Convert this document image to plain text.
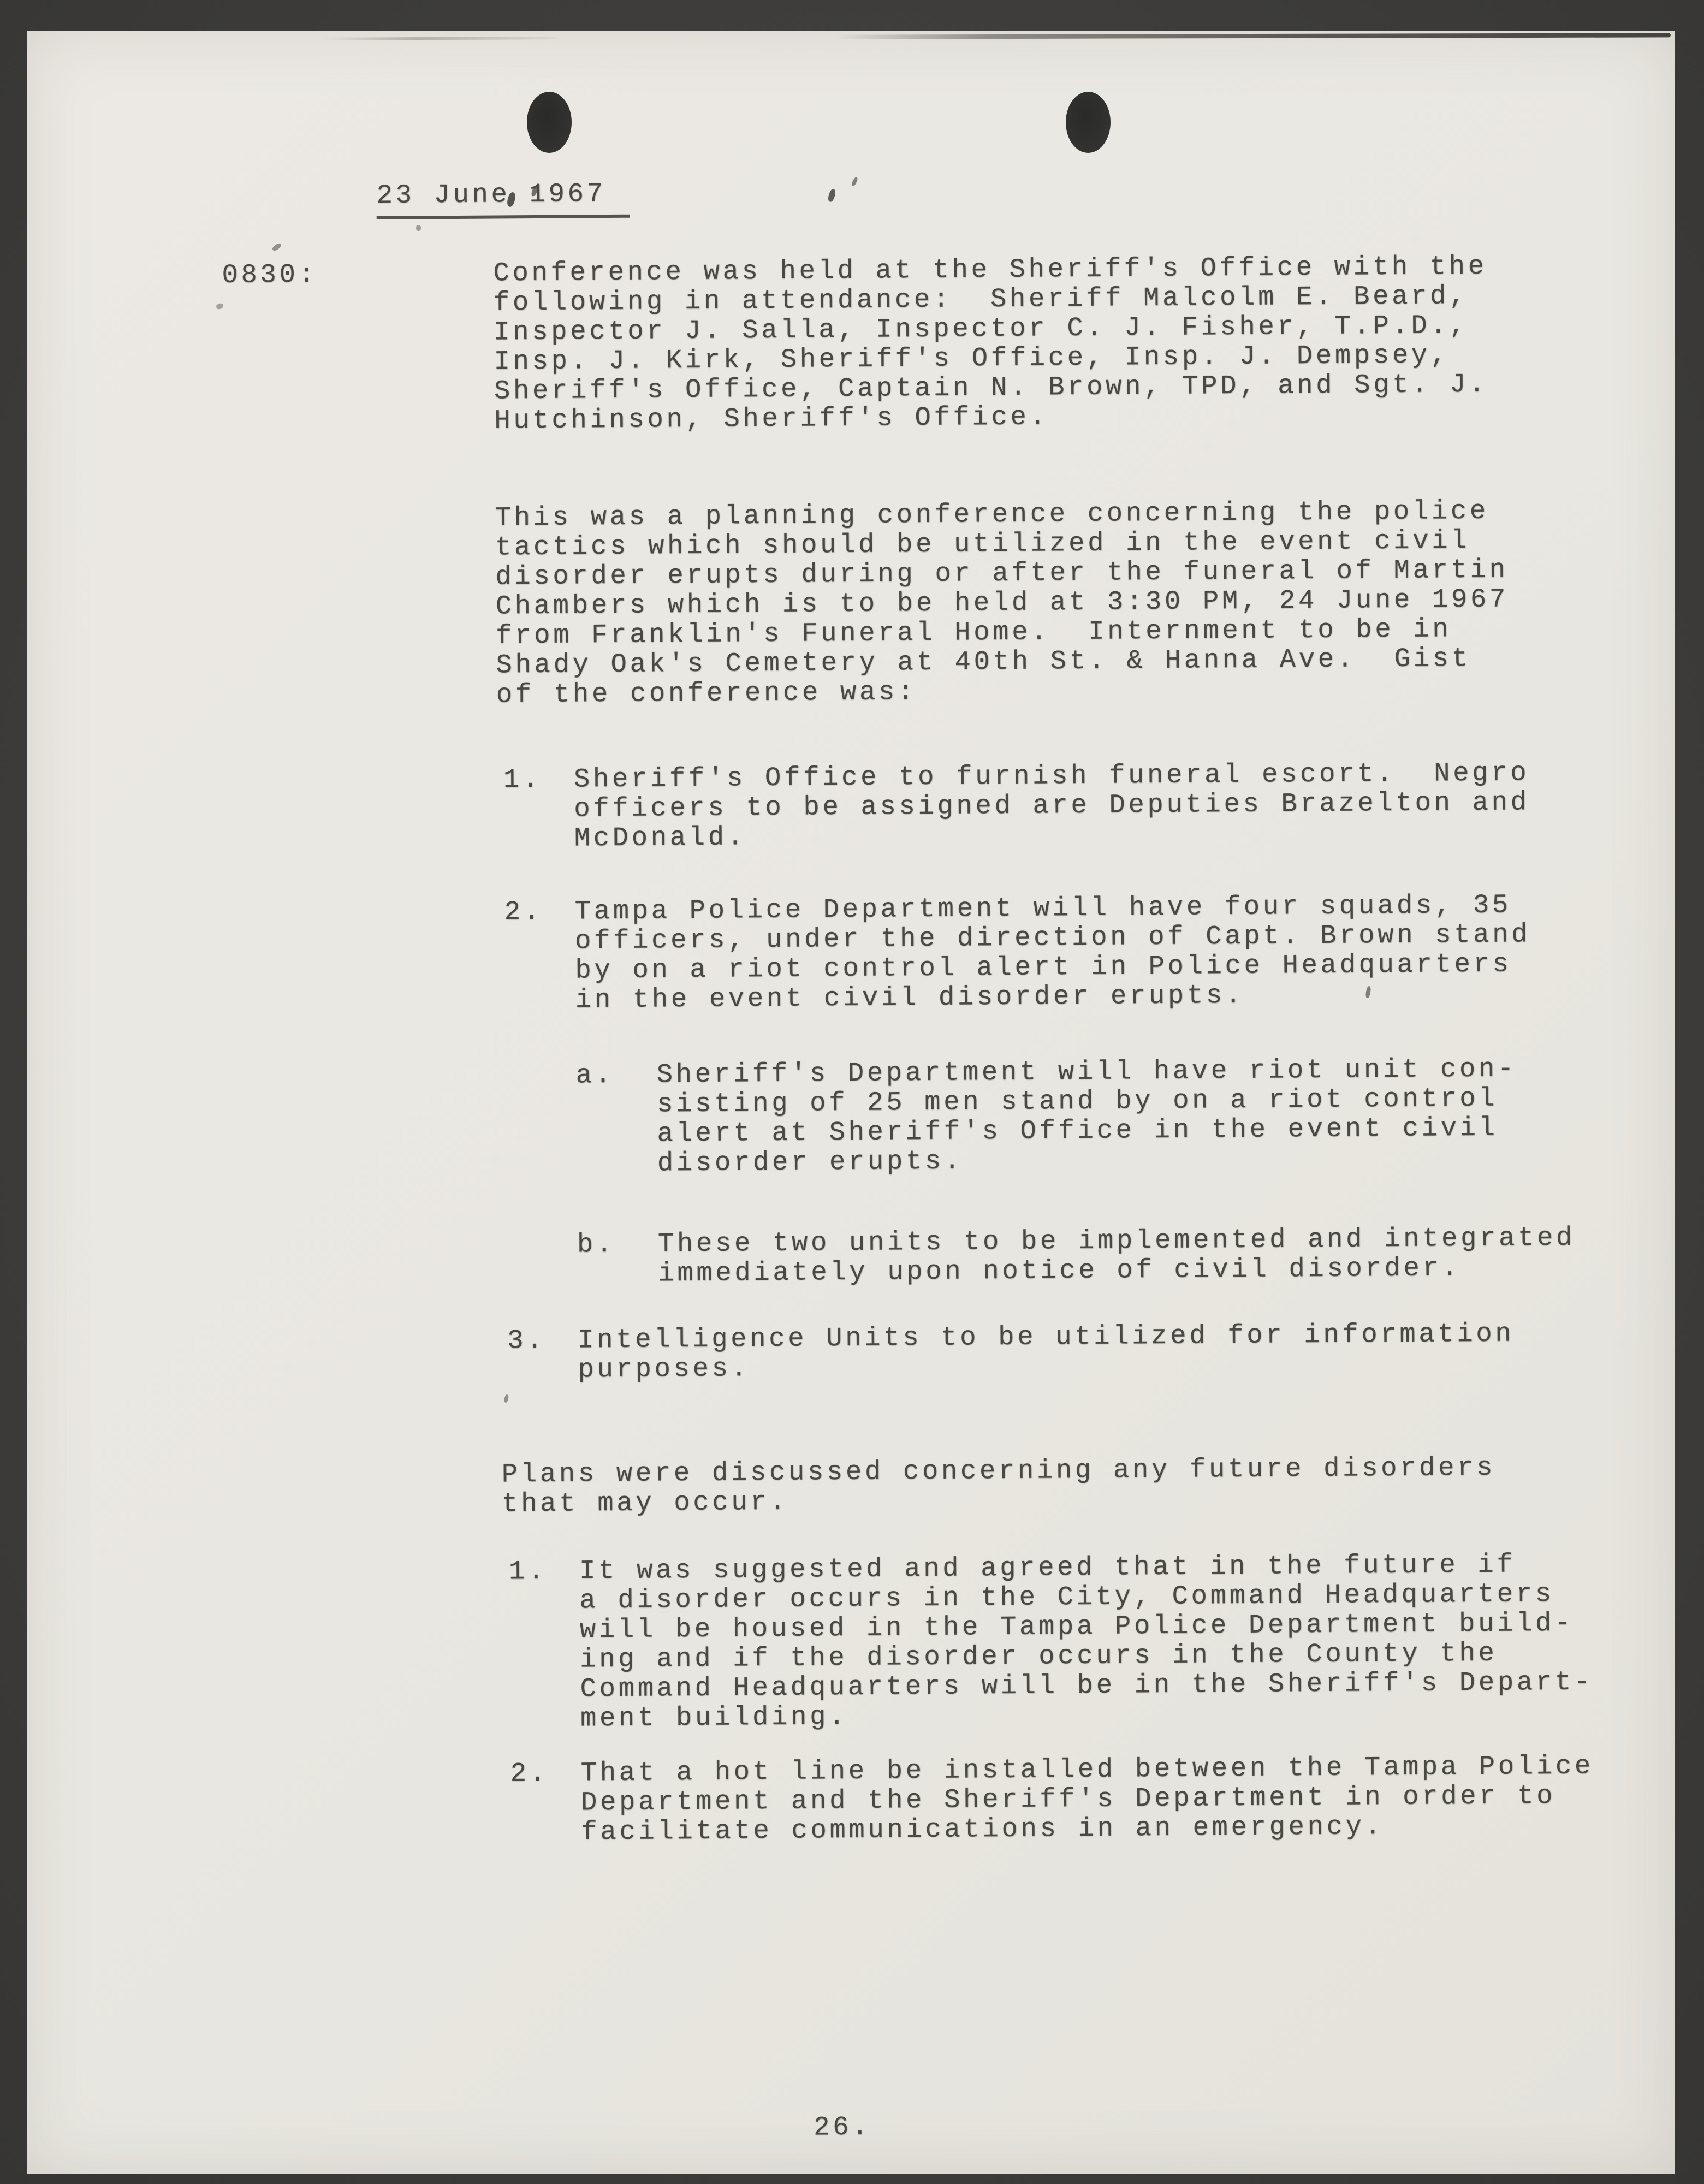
23 June 1967

0830:	Conference was held at the Sheriff's Office with the
following in attendance:  Sheriff Malcolm E. Beard,
Inspector J. Salla, Inspector C. J. Fisher, T.P.D.,
Insp. J. Kirk, Sheriff's Office, Insp. J. Dempsey,
Sheriff's Office, Captain N. Brown, TPD, and Sgt. J.
Hutchinson, Sheriff's Office.
This was a planning conference concerning the police
tactics which should be utilized in the event civil
disorder erupts during or after the funeral of Martin
Chambers which is to be held at 3:30 PM, 24 June 1967
from Franklin's Funeral Home.  Internment to be in
Shady Oak's Cemetery at 40th St. & Hanna Ave.  Gist
of the conference was:
1.	Sheriff's Office to furnish funeral escort.  Negro
officers to be assigned are Deputies Brazelton and
McDonald.
2.	Tampa Police Department will have four squads, 35
officers, under the direction of Capt. Brown stand
by on a riot control alert in Police Headquarters
in the event civil disorder erupts.
a.	Sheriff's Department will have riot unit con-
sisting of 25 men stand by on a riot control
alert at Sheriff's Office in the event civil
disorder erupts.
b.	These two units to be implemented and integrated
immediately upon notice of civil disorder.
3.	Intelligence Units to be utilized for information
purposes.
Plans were discussed concerning any future disorders
that may occur.
1.	It was suggested and agreed that in the future if
a disorder occurs in the City, Command Headquarters
will be housed in the Tampa Police Department build-
ing and if the disorder occurs in the County the
Command Headquarters will be in the Sheriff's Depart-
ment building.
2.	That a hot line be installed between the Tampa Police
Department and the Sheriff's Department in order to
facilitate communications in an emergency.
26.
